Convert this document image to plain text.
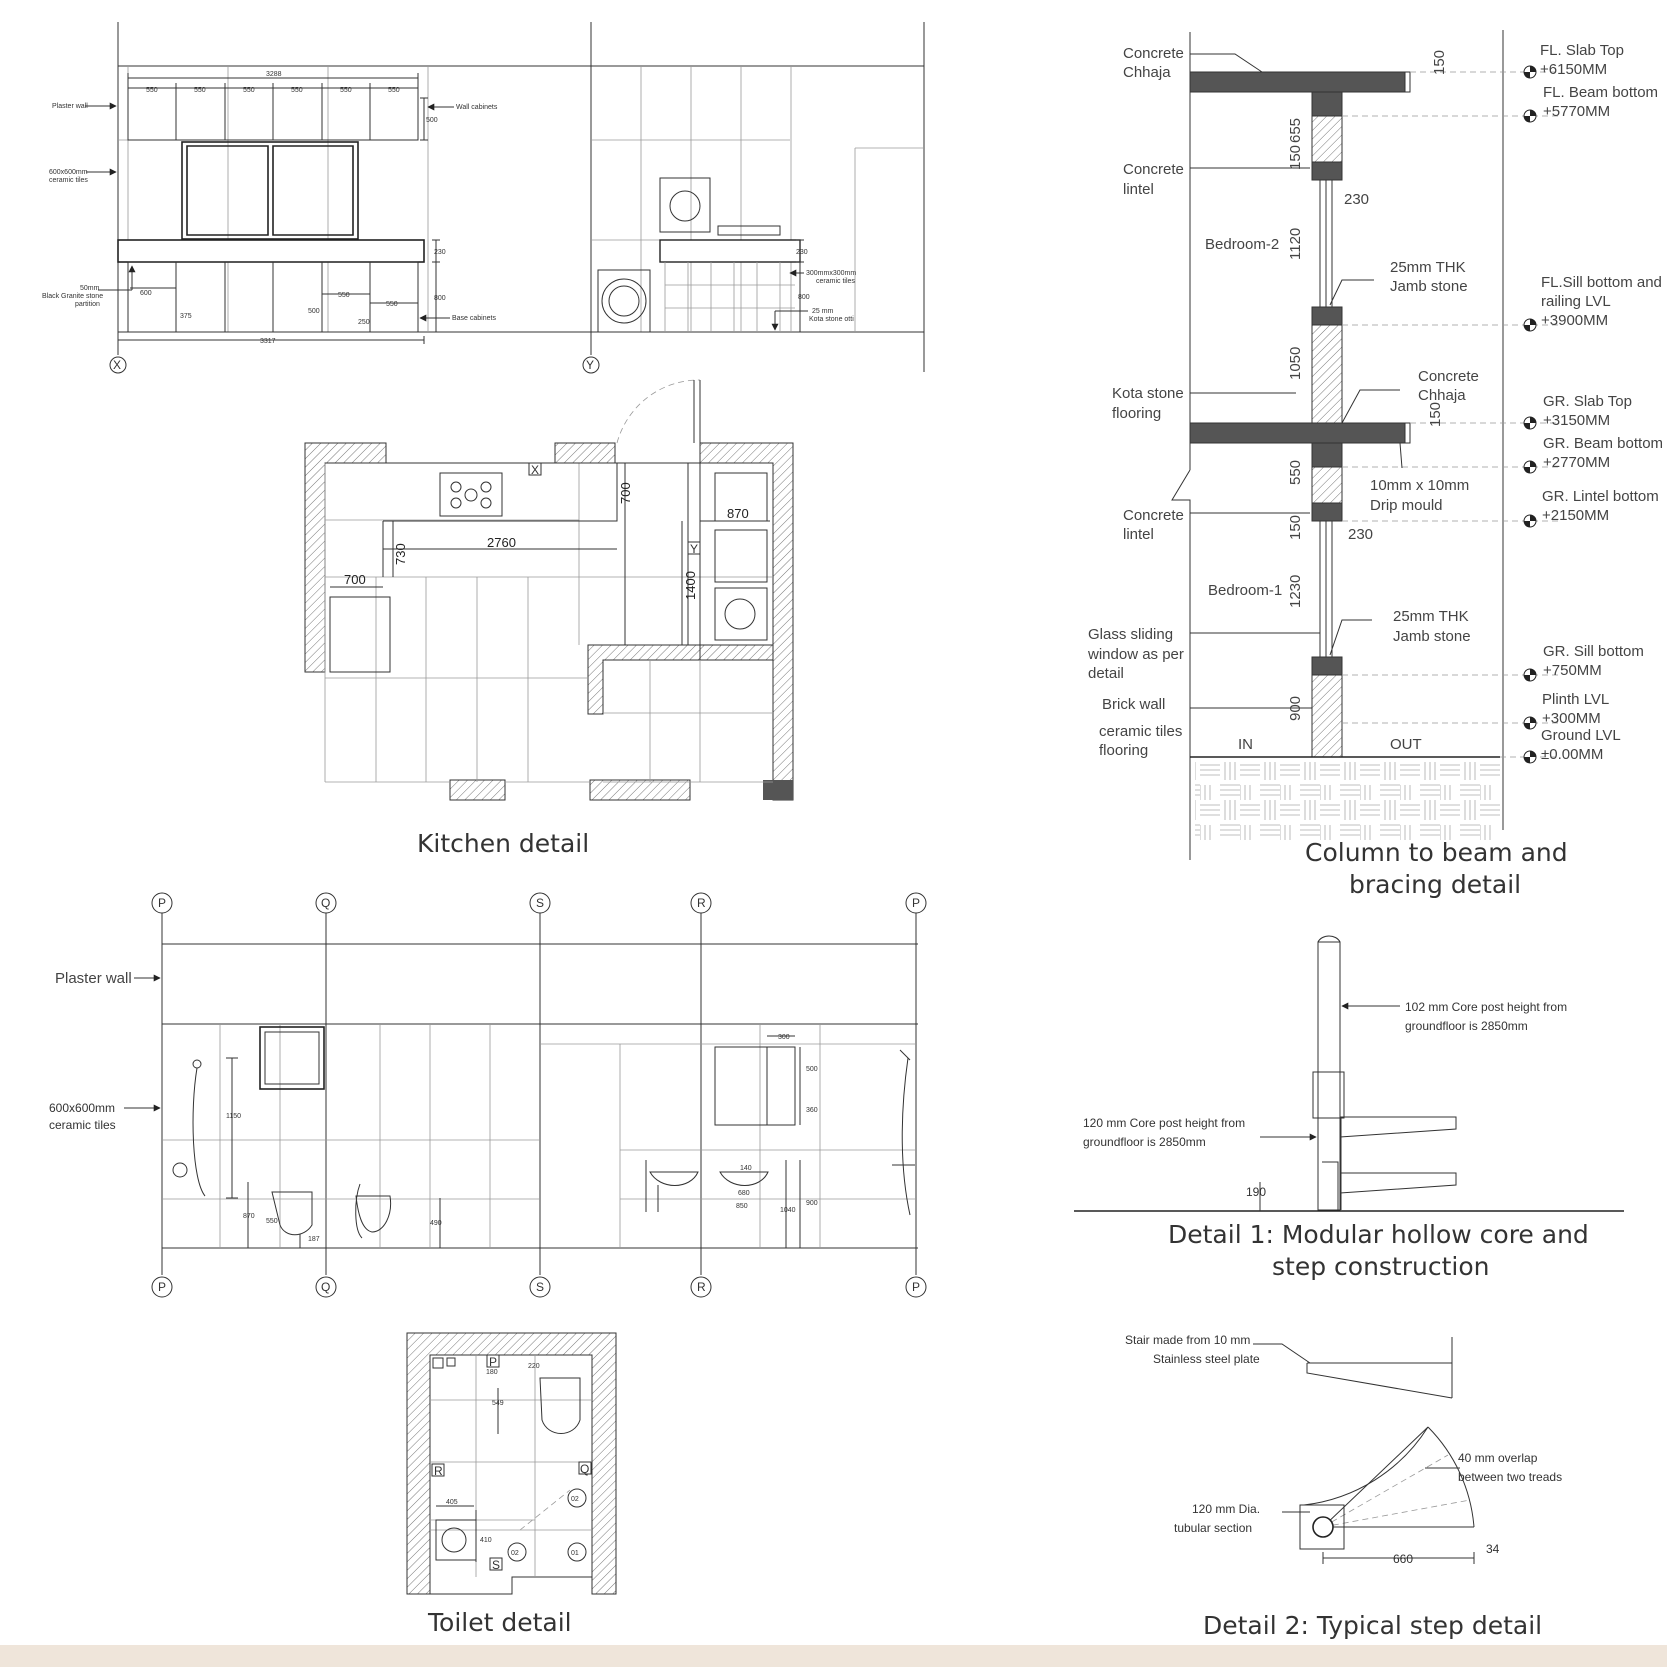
Plaster wall
600x600mm
ceramic tiles
50mm
Black Granite stone
partition
Wall cabinets
Base cabinets
300mmx300mm
ceramic tiles
25 mm
Kota stone otti
3288
550	550	550	550	550	550
500
230
800
600	550
550
375
500
250
3317
230
800
X	Y
X
Y
700
870
2760
730
700	1400
Kitchen detail
Plaster wall
600x600mm
ceramic tiles
1150
870
550
187
490
300
500
360
140
680
850
1040
900
P	Q	S	R	P
P	Q	S	R	P
P
R	Q
S
220
180
549
405
410
02
02	01
Toilet detail
Concrete
Chhaja
Concrete
lintel
Bedroom-2
Kota stone
flooring
Concrete
lintel
Bedroom-1
Glass sliding
window as per
detail
Brick wall
ceramic tiles
flooring	IN	OUT
25mm THK
Jamb stone
Concrete
Chhaja
10mm x 10mm
Drip mould
25mm THK
Jamb stone
150
655
150
230
1120
1050
150
550
150	230
1230
900
FL. Slab Top
+6150MM
FL. Beam bottom
+5770MM
FL.Sill bottom and
railing LVL
+3900MM
GR. Slab Top
+3150MM
GR. Beam bottom
+2770MM
GR. Lintel bottom
+2150MM
GR. Sill bottom
+750MM
Plinth LVL
+300MM
Ground LVL
±0.00MM
Column to beam and
bracing detail
102 mm Core post height from
groundfloor is 2850mm
120 mm Core post height from
groundfloor is 2850mm
190
Detail 1: Modular hollow core and
step construction
Stair made from 10 mm
Stainless steel plate
40 mm overlap
between two treads
120 mm Dia.
tubular section
660
34
Detail 2: Typical step detail
